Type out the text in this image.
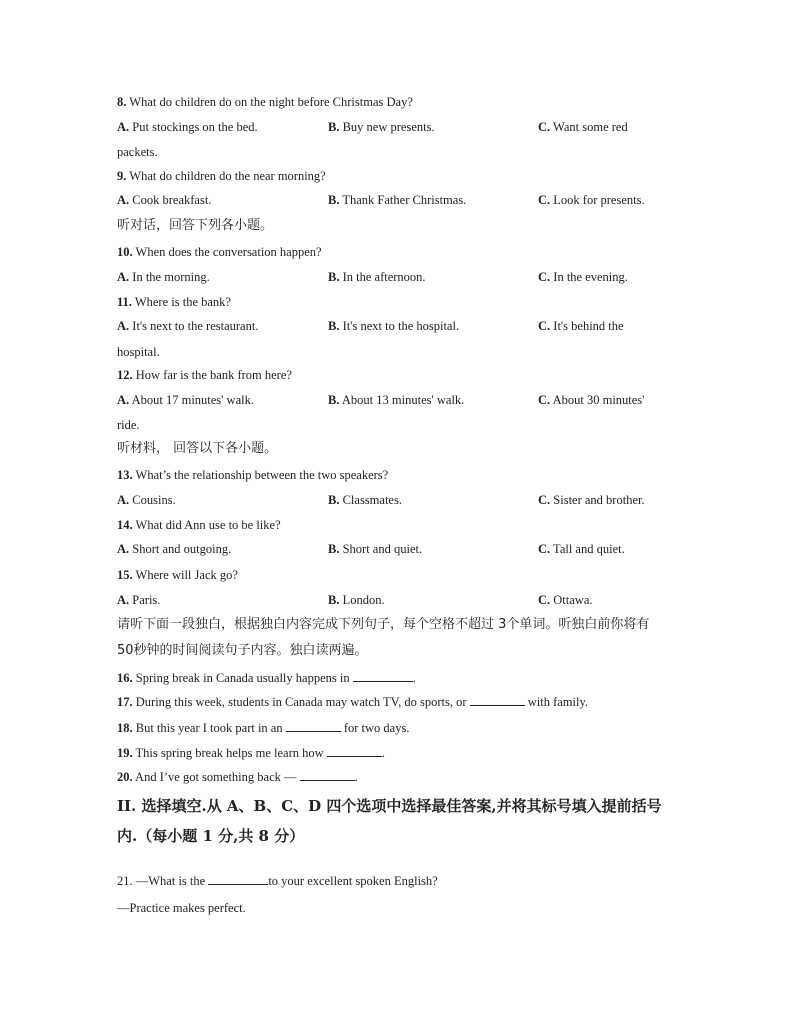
8. What do children do on the night before Christmas Day?
A. Put stockings on the bed.	B. Buy new presents.	C. Want some red
packets.
9. What do children do the near morning?
A. Cook breakfast.	B. Thank Father Christmas.	C. Look for presents.
听对话，回答下列各小题。
10. When does the conversation happen?
A. In the morning.	B. In the afternoon.	C. In the evening.
11. Where is the bank?
A. It's next to the restaurant.	B. It's next to the hospital.	C. It's behind the
hospital.
12. How far is the bank from here?
A. About 17 minutes' walk.	B. About 13 minutes' walk.	C. About 30 minutes'
ride.
听材料， 回答以下各小题。
13. What’s the relationship between the two speakers?
A. Cousins.	B. Classmates.	C. Sister and brother.
14. What did Ann use to be like?
A. Short and outgoing.	B. Short and quiet.	C. Tall and quiet.
15. Where will Jack go?
A. Paris.	B. London.	C. Ottawa.
请听下面一段独白，根据独白内容完成下列句子，每个空格不超过 3个单词。听独白前你将有
50秒钟的时间阅读句子内容。独白读两遍。
16. Spring break in Canada usually happens in	.
17. During this week, students in Canada may watch TV, do sports, or	with family.
18. But this year I took part in an	for two days.
19. This spring break helps me learn how	.
20. And I’ve got something back —	.
II. 选择填空.从 A、B、C、D 四个选项中选择最佳答案,并将其标号填入提前括号
内.（每小题 1 分,共 8 分）
21. —What is the	to your excellent spoken English?
—Practice makes perfect.
